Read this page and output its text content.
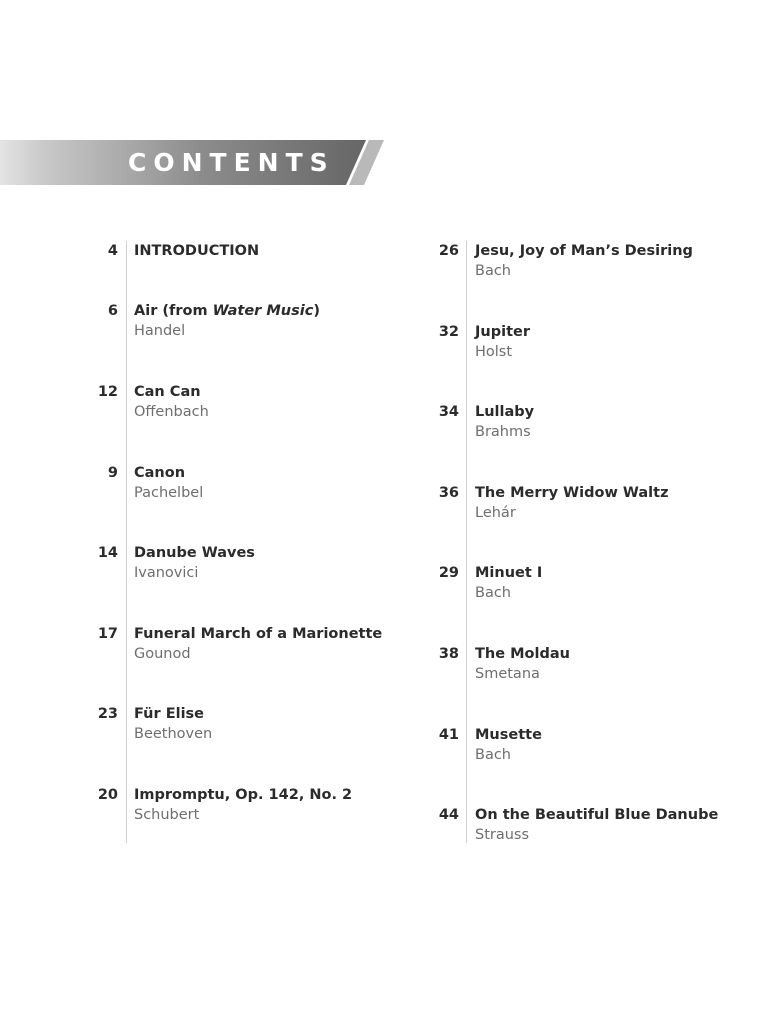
CONTENTS
4 INTRODUCTION
6 Air (from Water Music)
Handel
12 Can Can
Offenbach
9 Canon
Pachelbel
14 Danube Waves
Ivanovici
17 Funeral March of a Marionette
Gounod
23 Für Elise
Beethoven
20 Impromptu, Op. 142, No. 2
Schubert
26 Jesu, Joy of Man’s Desiring
Bach
32 Jupiter
Holst
34 Lullaby
Brahms
36 The Merry Widow Waltz
Lehár
29 Minuet I
Bach
38 The Moldau
Smetana
41 Musette
Bach
44 On the Beautiful Blue Danube
Strauss
